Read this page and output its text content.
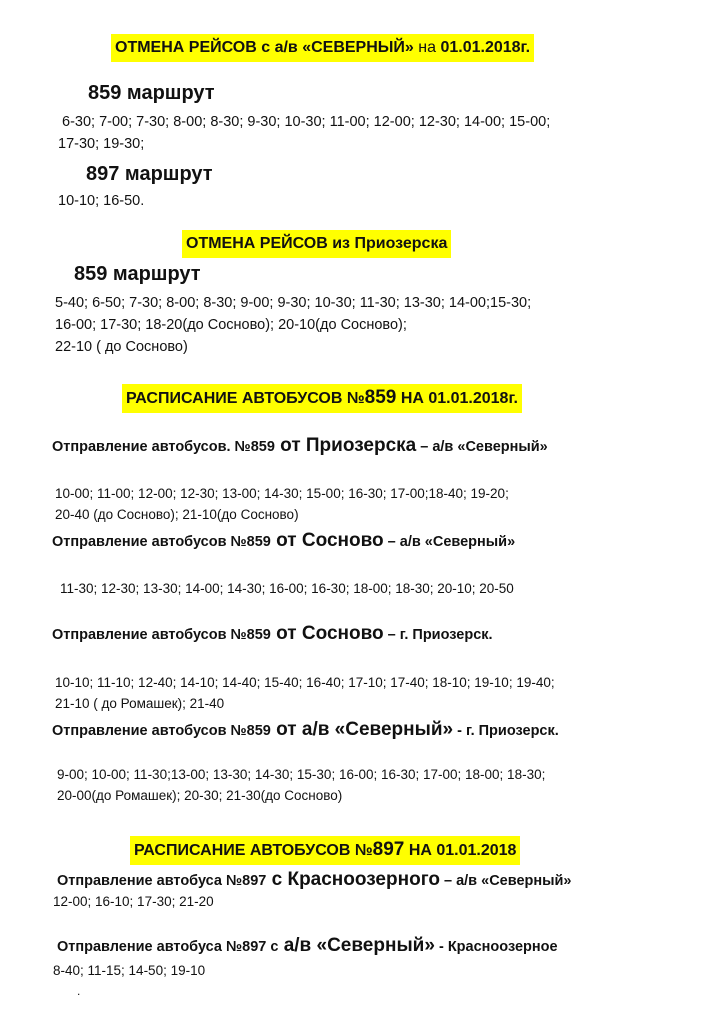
ОТМЕНА РЕЙСОВ с а/в «СЕВЕРНЫЙ» на 01.01.2018г.
859 маршрут
6-30; 7-00; 7-30; 8-00; 8-30; 9-30; 10-30; 11-00; 12-00; 12-30; 14-00; 15-00;
17-30; 19-30;
897 маршрут
10-10; 16-50.
ОТМЕНА РЕЙСОВ из Приозерска
859 маршрут
5-40; 6-50; 7-30; 8-00; 8-30; 9-00; 9-30; 10-30; 11-30; 13-30; 14-00;15-30;
16-00; 17-30; 18-20(до Сосново); 20-10(до Сосново);
22-10 ( до Сосново)
РАСПИСАНИЕ АВТОБУСОВ №859 НА 01.01.2018г.
Отправление автобусов. №859 от Приозерска – а/в «Северный»
10-00; 11-00; 12-00; 12-30; 13-00; 14-30; 15-00; 16-30; 17-00;18-40; 19-20;
20-40 (до Сосново); 21-10(до Сосново)
Отправление автобусов №859 от Сосново – а/в «Северный»
11-30; 12-30; 13-30; 14-00; 14-30; 16-00; 16-30; 18-00; 18-30; 20-10; 20-50
Отправление автобусов №859 от Сосново – г. Приозерск.
10-10; 11-10; 12-40; 14-10; 14-40; 15-40; 16-40; 17-10; 17-40; 18-10; 19-10; 19-40;
21-10 ( до Ромашек); 21-40
Отправление автобусов №859 от а/в «Северный» - г. Приозерск.
9-00; 10-00; 11-30;13-00; 13-30; 14-30; 15-30; 16-00; 16-30; 17-00; 18-00; 18-30;
20-00(до Ромашек); 20-30; 21-30(до Сосново)
РАСПИСАНИЕ АВТОБУСОВ №897 НА 01.01.2018
Отправление автобуса №897 с Красноозерного – а/в «Северный»
12-00; 16-10; 17-30; 21-20
Отправление автобуса №897 с а/в «Северный» - Красноозерное
8-40; 11-15; 14-50; 19-10
.
